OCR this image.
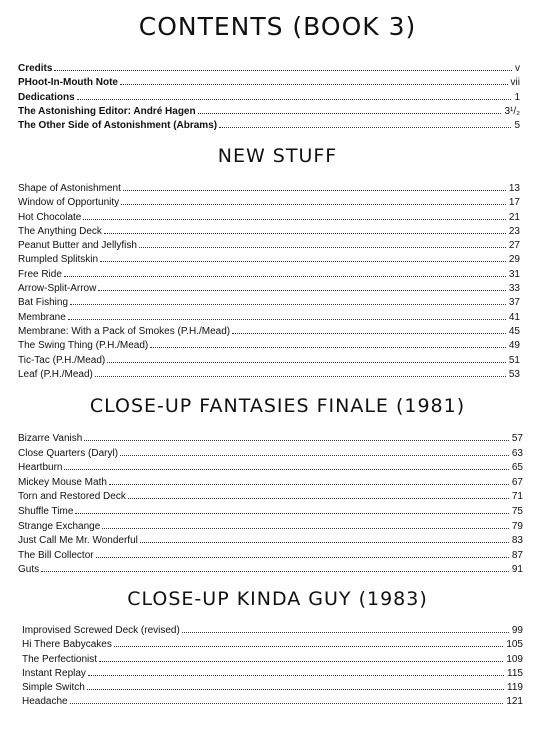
CONTENTS (BOOK 3)
Credits	v
PHoot-In-Mouth Note	vii
Dedications	1
The Astonishing Editor: André Hagen	3¹/₂
The Other Side of Astonishment (Abrams)	5
NEW STUFF
Shape of Astonishment	13
Window of Opportunity	17
Hot Chocolate	21
The Anything Deck	23
Peanut Butter and Jellyfish	27
Rumpled Splitskin	29
Free Ride	31
Arrow-Split-Arrow	33
Bat Fishing	37
Membrane	41
Membrane: With a Pack of Smokes (P.H./Mead)	45
The Swing Thing (P.H./Mead)	49
Tic-Tac (P.H./Mead)	51
Leaf (P.H./Mead)	53
CLOSE-UP FANTASIES FINALE (1981)
Bizarre Vanish	57
Close Quarters (Daryl)	63
Heartburn	65
Mickey Mouse Math	67
Torn and Restored Deck	71
Shuffle Time	75
Strange Exchange	79
Just Call Me Mr. Wonderful	83
The Bill Collector	87
Guts	91
CLOSE-UP KINDA GUY (1983)
Improvised Screwed Deck (revised)	99
Hi There Babycakes	105
The Perfectionist	109
Instant Replay	115
Simple Switch	119
Headache	121
